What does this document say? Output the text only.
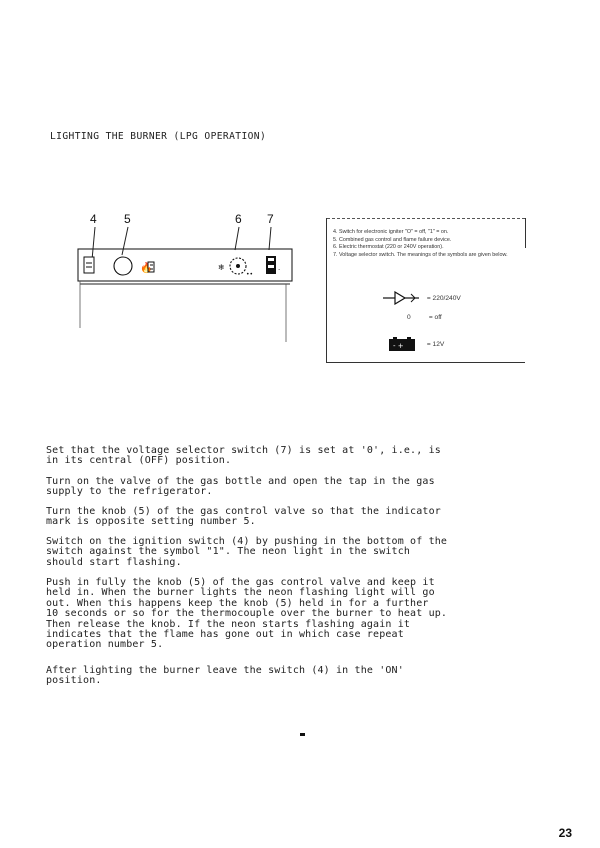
LIGHTING THE BURNER (LPG OPERATION)
4 5	6 7
🔥	❄
••
·
4. Switch for electronic igniter "O" = off, "1" = on.
5. Combined gas control and flame failure device.
6. Electric thermostat (220 or 240V operation).
7. Voltage selector switch. The meanings of the symbols are given below.
= 220/240V
0	= off
- +	= 12V
Set that the voltage selector switch (7) is set at '0', i.e., is
in its central (OFF) position.
Turn on the valve of the gas bottle and open the tap in the gas
supply to the refrigerator.
Turn the knob (5) of the gas control valve so that the indicator
mark is opposite setting number 5.
Switch on the ignition switch (4) by pushing in the bottom of the
switch against the symbol "1". The neon light in the switch
should start flashing.
Push in fully the knob (5) of the gas control valve and keep it
held in. When the burner lights the neon flashing light will go
out. When this happens keep the knob (5) held in for a further
10 seconds or so for the thermocouple over the burner to heat up.
Then release the knob. If the neon starts flashing again it
indicates that the flame has gone out in which case repeat
operation number 5.
After lighting the burner leave the switch (4) in the 'ON'
position.
23
